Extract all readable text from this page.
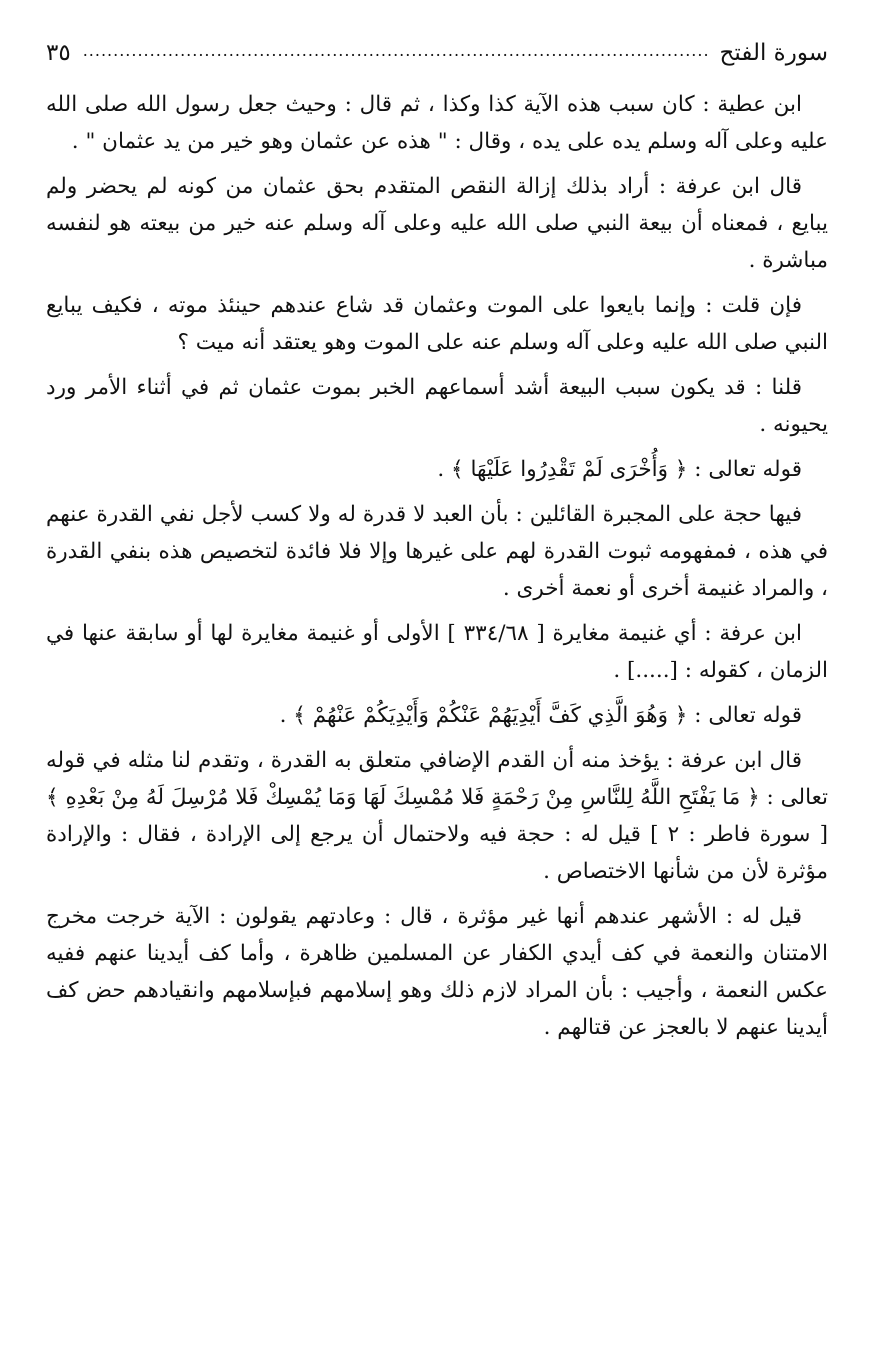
سورة الفتح
.....
٣٥

ابن عطية : كان سبب هذه الآية كذا وكذا ، ثم قال : وحيث جعل رسول الله صلى الله عليه وعلى آله وسلم يده على يده ، وقال : " هذه عن عثمان وهو خير من يد عثمان " .

قال ابن عرفة : أراد بذلك إزالة النقص المتقدم بحق عثمان من كونه لم يحضر ولم يبايع ، فمعناه أن بيعة النبي صلى الله عليه وعلى آله وسلم عنه خير من بيعته هو لنفسه مباشرة .

فإن قلت : وإنما بايعوا على الموت وعثمان قد شاع عندهم حينئذ موته ، فكيف يبايع النبي صلى الله عليه وعلى آله وسلم عنه على الموت وهو يعتقد أنه ميت ؟

قلنا : قد يكون سبب البيعة أشد أسماعهم الخبر بموت عثمان ثم في أثناء الأمر ورد يحيونه .

قوله تعالى : ﴿ وَأُخْرَى لَمْ تَقْدِرُوا عَلَيْهَا ﴾ .

فيها حجة على المجبرة القائلين : بأن العبد لا قدرة له ولا كسب لأجل نفي القدرة عنهم في هذه ، فمفهومه ثبوت القدرة لهم على غيرها وإلا فلا فائدة لتخصيص هذه بنفي القدرة ، والمراد غنيمة أخرى أو نعمة أخرى .

ابن عرفة : أي غنيمة مغايرة [ ٣٣٤/٦٨ ] الأولى أو غنيمة مغايرة لها أو سابقة عنها في الزمان ، كقوله : [.....] .

قوله تعالى : ﴿ وَهُوَ الَّذِي كَفَّ أَيْدِيَهُمْ عَنْكُمْ وَأَيْدِيَكُمْ عَنْهُمْ ﴾ .

قال ابن عرفة : يؤخذ منه أن القدم الإضافي متعلق به القدرة ، وتقدم لنا مثله في قوله تعالى : ﴿ مَا يَفْتَحِ اللَّهُ لِلنَّاسِ مِنْ رَحْمَةٍ فَلا مُمْسِكَ لَهَا وَمَا يُمْسِكْ فَلا مُرْسِلَ لَهُ مِنْ بَعْدِهِ ﴾[ سورة فاطر : ٢ ] قيل له : حجة فيه ولاحتمال أن يرجع إلى الإرادة ، فقال : والإرادة مؤثرة لأن من شأنها الاختصاص .

قيل له : الأشهر عندهم أنها غير مؤثرة ، قال : وعادتهم يقولون : الآية خرجت مخرج الامتنان والنعمة في كف أيدي الكفار عن المسلمين ظاهرة ، وأما كف أيدينا عنهم ففيه عكس النعمة ، وأجيب : بأن المراد لازم ذلك وهو إسلامهم فبإسلامهم وانقيادهم حض كف أيدينا عنهم لا بالعجز عن قتالهم .
